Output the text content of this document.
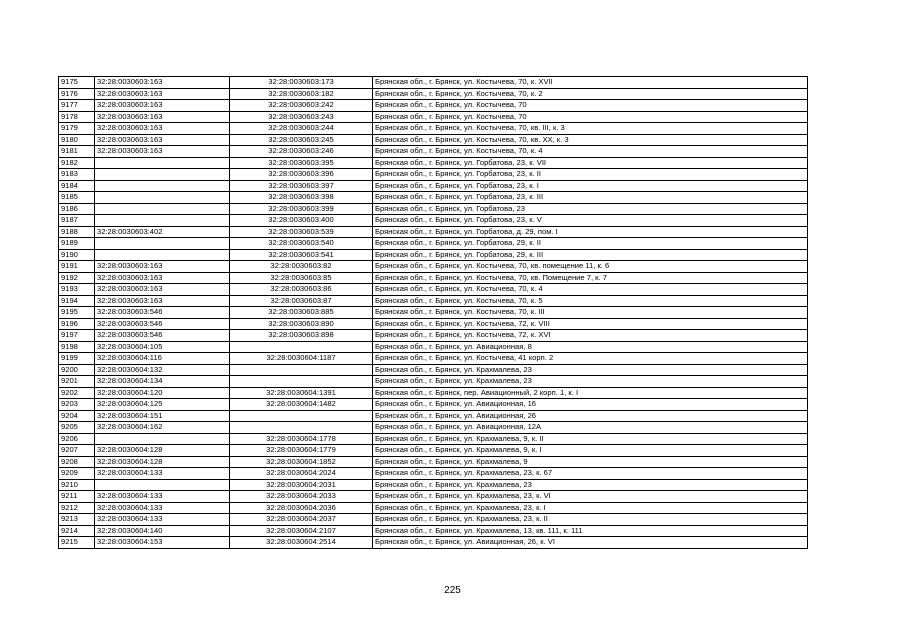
9175	32:28:0030603:163	32:28:0030603:173	Брянская обл., г. Брянск, ул. Костычева, 70, к. XVII
9176	32:28:0030603:163	32:28:0030603:182	Брянская обл., г. Брянск, ул. Костычева, 70, к. 2
9177	32:28:0030603:163	32:28:0030603:242	Брянская обл., г. Брянск, ул. Костычева, 70
9178	32:28:0030603:163	32:28:0030603:243	Брянская обл., г. Брянск, ул. Костычева, 70
9179	32:28:0030603:163	32:28:0030603:244	Брянская обл., г. Брянск, ул. Костычева, 70, кв. III, к. 3
9180	32:28:0030603:163	32:28:0030603:245	Брянская обл., г. Брянск, ул. Костычева, 70, кв. XX, к. 3
9181	32:28:0030603:163	32:28:0030603:246	Брянская обл., г. Брянск, ул. Костычева, 70, к. 4
9182		32:28:0030603:395	Брянская обл., г. Брянск, ул. Горбатова, 23, к. VII
9183		32:28:0030603:396	Брянская обл., г. Брянск, ул. Горбатова, 23, к. II
9184		32:28:0030603:397	Брянская обл., г. Брянск, ул. Горбатова, 23, к. I
9185		32:28:0030603:398	Брянская обл., г. Брянск, ул. Горбатова, 23, к. III
9186		32:28:0030603:399	Брянская обл., г. Брянск, ул. Горбатова, 23
9187		32:28:0030603:400	Брянская обл., г. Брянск, ул. Горбатова, 23, к. V
9188	32:28:0030603:402	32:28:0030603:539	Брянская обл., г. Брянск, ул. Горбатова, д. 29, пом. I
9189		32:28:0030603:540	Брянская обл., г. Брянск, ул. Горбатова, 29, к. II
9190		32:28:0030603:541	Брянская обл., г. Брянск, ул. Горбатова, 29, к. III
9191	32:28:0030603:163	32:28:0030603:82	Брянская обл., г. Брянск, ул. Костычева, 70, кв. помещение 11, к. 6
9192	32:28:0030603:163	32:28:0030603:85	Брянская обл., г. Брянск, ул. Костычева, 70, кв. Помещение 7, к. 7
9193	32:28:0030603:163	32:28:0030603:86	Брянская обл., г. Брянск, ул. Костычева, 70, к. 4
9194	32:28:0030603:163	32:28:0030603:87	Брянская обл., г. Брянск, ул. Костычева, 70, к. 5
9195	32:28:0030603:546	32:28:0030603:885	Брянская обл., г. Брянск, ул. Костычева, 70, к. III
9196	32:28:0030603:546	32:28:0030603:890	Брянская обл., г. Брянск, ул. Костычева, 72, к. VIII
9197	32:28:0030603:546	32:28:0030603:898	Брянская обл., г. Брянск, ул. Костычева, 72, к. XVI
9198	32:28:0030604:105		Брянская обл., г. Брянск, ул. Авиационная, 8
9199	32:28:0030604:116	32:28:0030604:1187	Брянская обл., г. Брянск, ул. Костычева, 41 корп. 2
9200	32:28:0030604:132		Брянская обл., г. Брянск, ул. Крахмалева, 23
9201	32:28:0030604:134		Брянская обл., г. Брянск, ул. Крахмалева, 23
9202	32:28:0030604:120	32:28:0030604:1391	Брянская обл., г. Брянск, пер. Авиационный, 2 корп. 1, к. I
9203	32:28:0030604:125	32:28:0030604:1482	Брянская обл., г. Брянск, ул. Авиационная, 16
9204	32:28:0030604:151		Брянская обл., г. Брянск, ул. Авиационная, 26
9205	32:28:0030604:162		Брянская обл., г. Брянск, ул. Авиационная, 12А
9206		32:28:0030604:1778	Брянская обл., г. Брянск, ул. Крахмалева, 9, к. II
9207	32:28:0030604:128	32:28:0030604:1779	Брянская обл., г. Брянск, ул. Крахмалева, 9, к. I
9208	32:28:0030604:128	32:28:0030604:1852	Брянская обл., г. Брянск, ул. Крахмалева, 9
9209	32:28:0030604:133	32:28:0030604:2024	Брянская обл., г. Брянск, ул. Крахмалева, 23, к. 67
9210		32:28:0030604:2031	Брянская обл., г. Брянск, ул. Крахмалева, 23
9211	32:28:0030604:133	32:28:0030604:2033	Брянская обл., г. Брянск, ул. Крахмалева, 23, к. VI
9212	32:28:0030604:133	32:28:0030604:2036	Брянская обл., г. Брянск, ул. Крахмалева, 23, к. I
9213	32:28:0030604:133	32:28:0030604:2037	Брянская обл., г. Брянск, ул. Крахмалева, 23, к. II
9214	32:28:0030604:140	32:28:0030604:2107	Брянская обл., г. Брянск, ул. Крахмалева, 13, кв. 111, к. 111
9215	32:28:0030604:153	32:28:0030604:2514	Брянская обл., г. Брянск, ул. Авиационная, 26, к. VI
225
